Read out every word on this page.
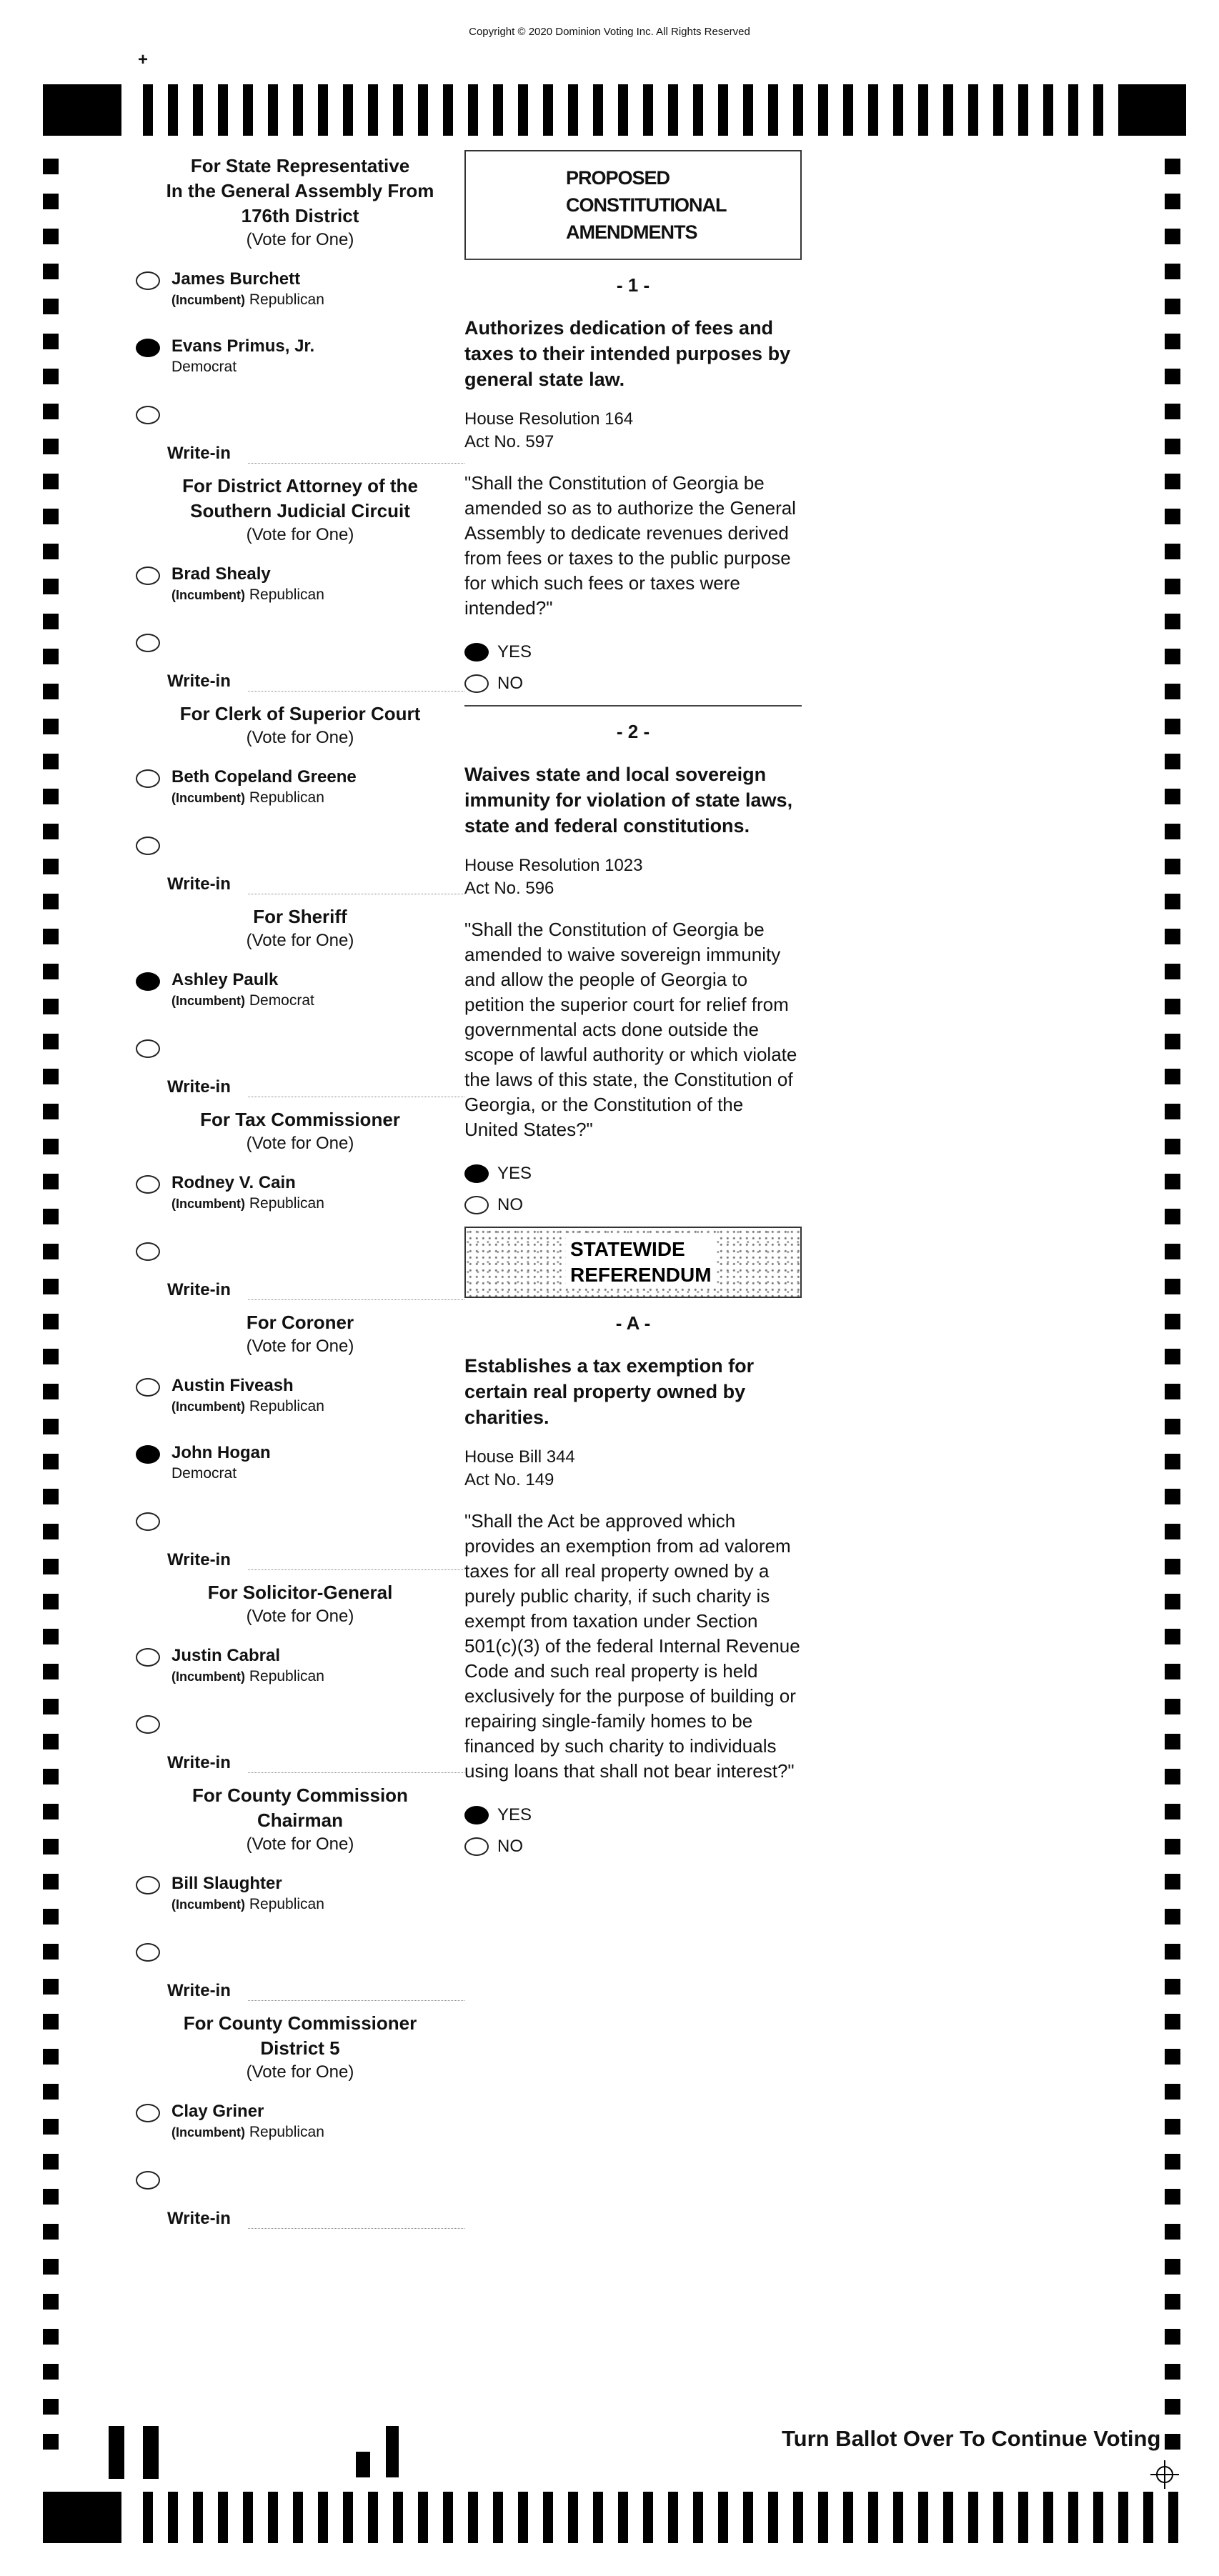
Copyright © 2020 Dominion Voting Inc. All Rights Reserved
+
For State Representative
In the General Assembly From
176th District
(Vote for One)
James Burchett
(Incumbent) Republican
Evans Primus, Jr.
Democrat
Write-in
For District Attorney of the
Southern Judicial Circuit
(Vote for One)
Brad Shealy
(Incumbent) Republican
Write-in
For Clerk of Superior Court
(Vote for One)
Beth Copeland Greene
(Incumbent) Republican
Write-in
For Sheriff
(Vote for One)
Ashley Paulk
(Incumbent) Democrat
Write-in
For Tax Commissioner
(Vote for One)
Rodney V. Cain
(Incumbent) Republican
Write-in
For Coroner
(Vote for One)
Austin Fiveash
(Incumbent) Republican
John Hogan
Democrat
Write-in
For Solicitor-General
(Vote for One)
Justin Cabral
(Incumbent) Republican
Write-in
For County Commission
Chairman
(Vote for One)
Bill Slaughter
(Incumbent) Republican
Write-in
For County Commissioner
District 5
(Vote for One)
Clay Griner
(Incumbent) Republican
Write-in
PROPOSED
CONSTITUTIONAL
AMENDMENTS
- 1 -
Authorizes dedication of fees and taxes to their intended purposes by general state law.
House Resolution 164
Act No. 597
"Shall the Constitution of Georgia be amended so as to authorize the General Assembly to dedicate revenues derived from fees or taxes to the public purpose for which such fees or taxes were intended?"
YES
NO
- 2 -
Waives state and local sovereign immunity for violation of state laws, state and federal constitutions.
House Resolution 1023
Act No. 596
"Shall the Constitution of Georgia be amended to waive sovereign immunity and allow the people of Georgia to petition the superior court for relief from governmental acts done outside the scope of lawful authority or which violate the laws of this state, the Constitution of Georgia, or the Constitution of the United States?"
YES
NO
STATEWIDE
REFERENDUM
- A -
Establishes a tax exemption for certain real property owned by charities.
House Bill 344
Act No. 149
"Shall the Act be approved which provides an exemption from ad valorem taxes for all real property owned by a purely public charity, if such charity is exempt from taxation under Section 501(c)(3) of the federal Internal Revenue Code and such real property is held exclusively for the purpose of building or repairing single-family homes to be financed by such charity to individuals using loans that shall not bear interest?"
YES
NO
Turn Ballot Over To Continue Voting
